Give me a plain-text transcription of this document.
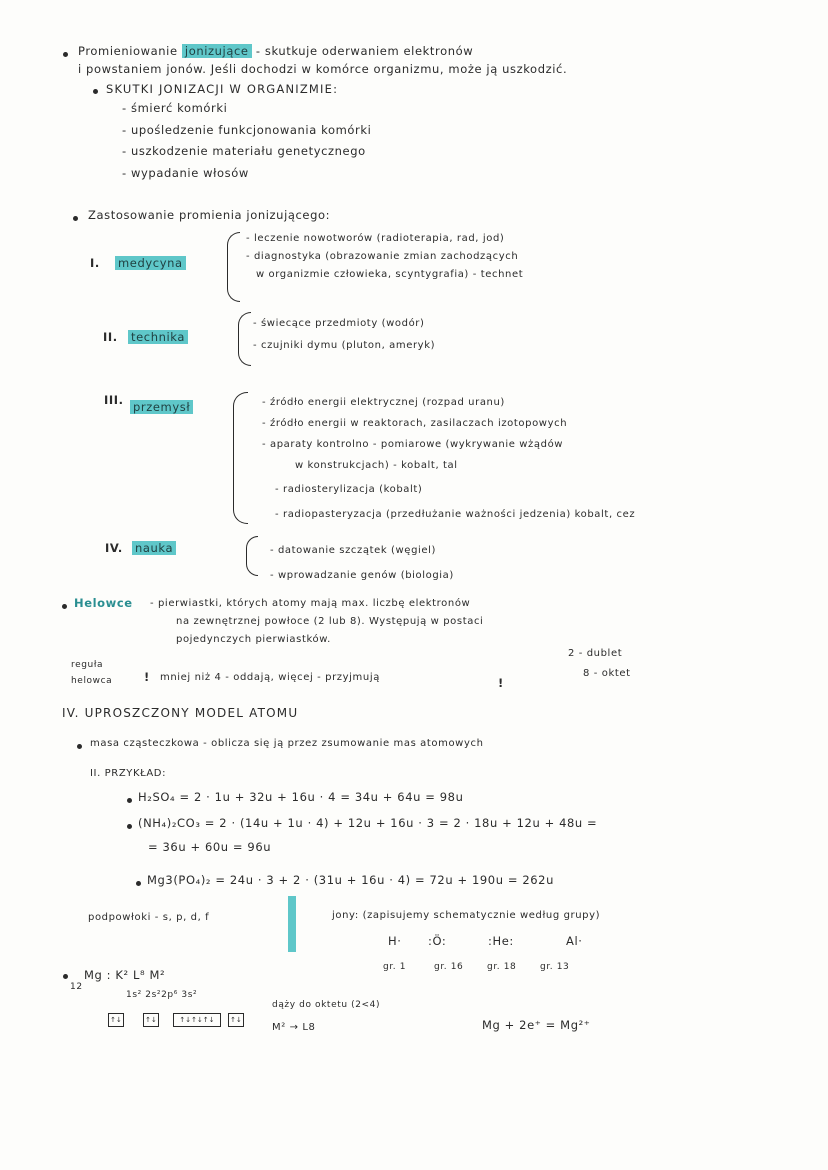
Promieniowanie jonizujące - skutkuje oderwaniem elektronów
i powstaniem jonów. Jeśli dochodzi w komórce organizmu, może ją uszkodzić.
SKUTKI JONIZACJI W ORGANIZMIE:
- śmierć komórki
- upośledzenie funkcjonowania komórki
- uszkodzenie materiału genetycznego
- wypadanie włosów
Zastosowanie promienia jonizującego:
I. medycyna
- leczenie nowotworów (radioterapia, rad, jod)
- diagnostyka (obrazowanie zmian zachodzących
w organizmie człowieka, scyntygrafia) - technet
II. technika
- świecące przedmioty (wodór)
- czujniki dymu (pluton, ameryk)
III. przemysł	- źródło energii elektrycznej (rozpad uranu)
- źródło energii w reaktorach, zasilaczach izotopowych
- aparaty kontrolno - pomiarowe (wykrywanie wżądów
w konstrukcjach) - kobalt, tal
- radiosterylizacja (kobalt)
- radiopasteryzacja (przedłużanie ważności jedzenia) kobalt, cez
IV. nauka	- datowanie szczątek (węgiel)
- wprowadzanie genów (biologia)
Helowce - pierwiastki, których atomy mają max. liczbę elektronów
na zewnętrznej powłoce (2 lub 8). Występują w postaci
pojedynczych pierwiastków.
2 - dublet
8 - oktet
reguła
helowca	! mniej niż 4 - oddają, więcej - przyjmują	!
IV. UPROSZCZONY MODEL ATOMU
masa cząsteczkowa - oblicza się ją przez zsumowanie mas atomowych
II. PRZYKŁAD:
H₂SO₄ = 2 · 1u + 32u + 16u · 4 = 34u + 64u = 98u
(NH₄)₂CO₃ = 2 · (14u + 1u · 4) + 12u + 16u · 3 = 2 · 18u + 12u + 48u =
= 36u + 60u = 96u
Mg3(PO₄)₂ = 24u · 3 + 2 · (31u + 16u · 4) = 72u + 190u = 262u
podpowłoki - s, p, d, f	jony: (zapisujemy schematycznie według grupy)
H· :Ö:	:He:	Al·
gr. 1	gr. 16	gr. 18	gr. 13
12
Mg : K² L⁸ M²
1s² 2s²2p⁶ 3s²
↑↓	↑↓	↑↓↑↓↑↓	↑↓
dąży do oktetu (2<4)
M² → L8	Mg + 2e⁺ = Mg²⁺
